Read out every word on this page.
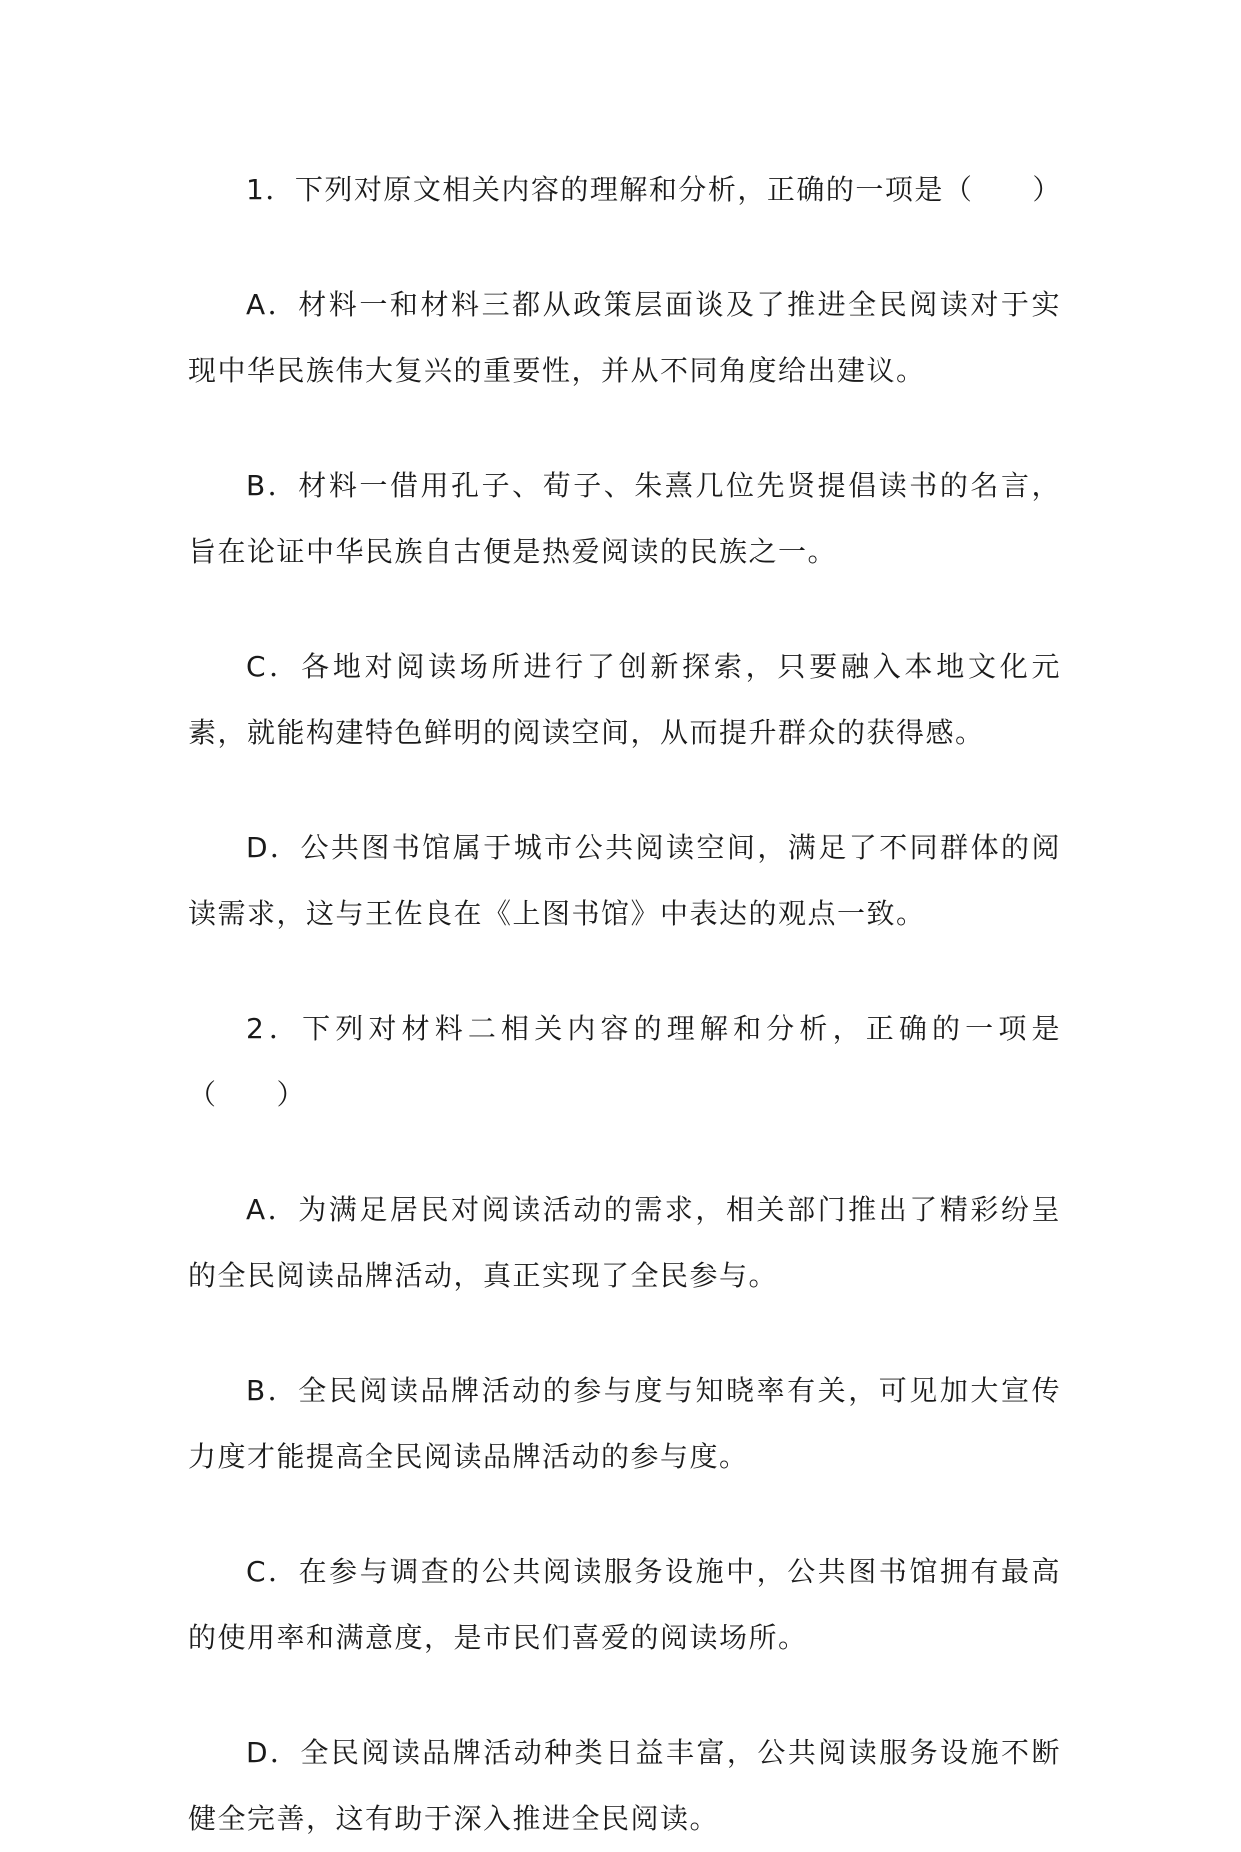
1．下列对原文相关内容的理解和分析，正确的一项是（　　）

A．材料一和材料三都从政策层面谈及了推进全民阅读对于实现中华民族伟大复兴的重要性，并从不同角度给出建议。

B．材料一借用孔子、荀子、朱熹几位先贤提倡读书的名言，旨在论证中华民族自古便是热爱阅读的民族之一。

C．各地对阅读场所进行了创新探索，只要融入本地文化元素，就能构建特色鲜明的阅读空间，从而提升群众的获得感。

D．公共图书馆属于城市公共阅读空间，满足了不同群体的阅读需求，这与王佐良在《上图书馆》中表达的观点一致。

2．下列对材料二相关内容的理解和分析，正确的一项是（　　）

A．为满足居民对阅读活动的需求，相关部门推出了精彩纷呈的全民阅读品牌活动，真正实现了全民参与。

B．全民阅读品牌活动的参与度与知晓率有关，可见加大宣传力度才能提高全民阅读品牌活动的参与度。

C．在参与调查的公共阅读服务设施中，公共图书馆拥有最高的使用率和满意度，是市民们喜爱的阅读场所。

D．全民阅读品牌活动种类日益丰富，公共阅读服务设施不断健全完善，这有助于深入推进全民阅读。
